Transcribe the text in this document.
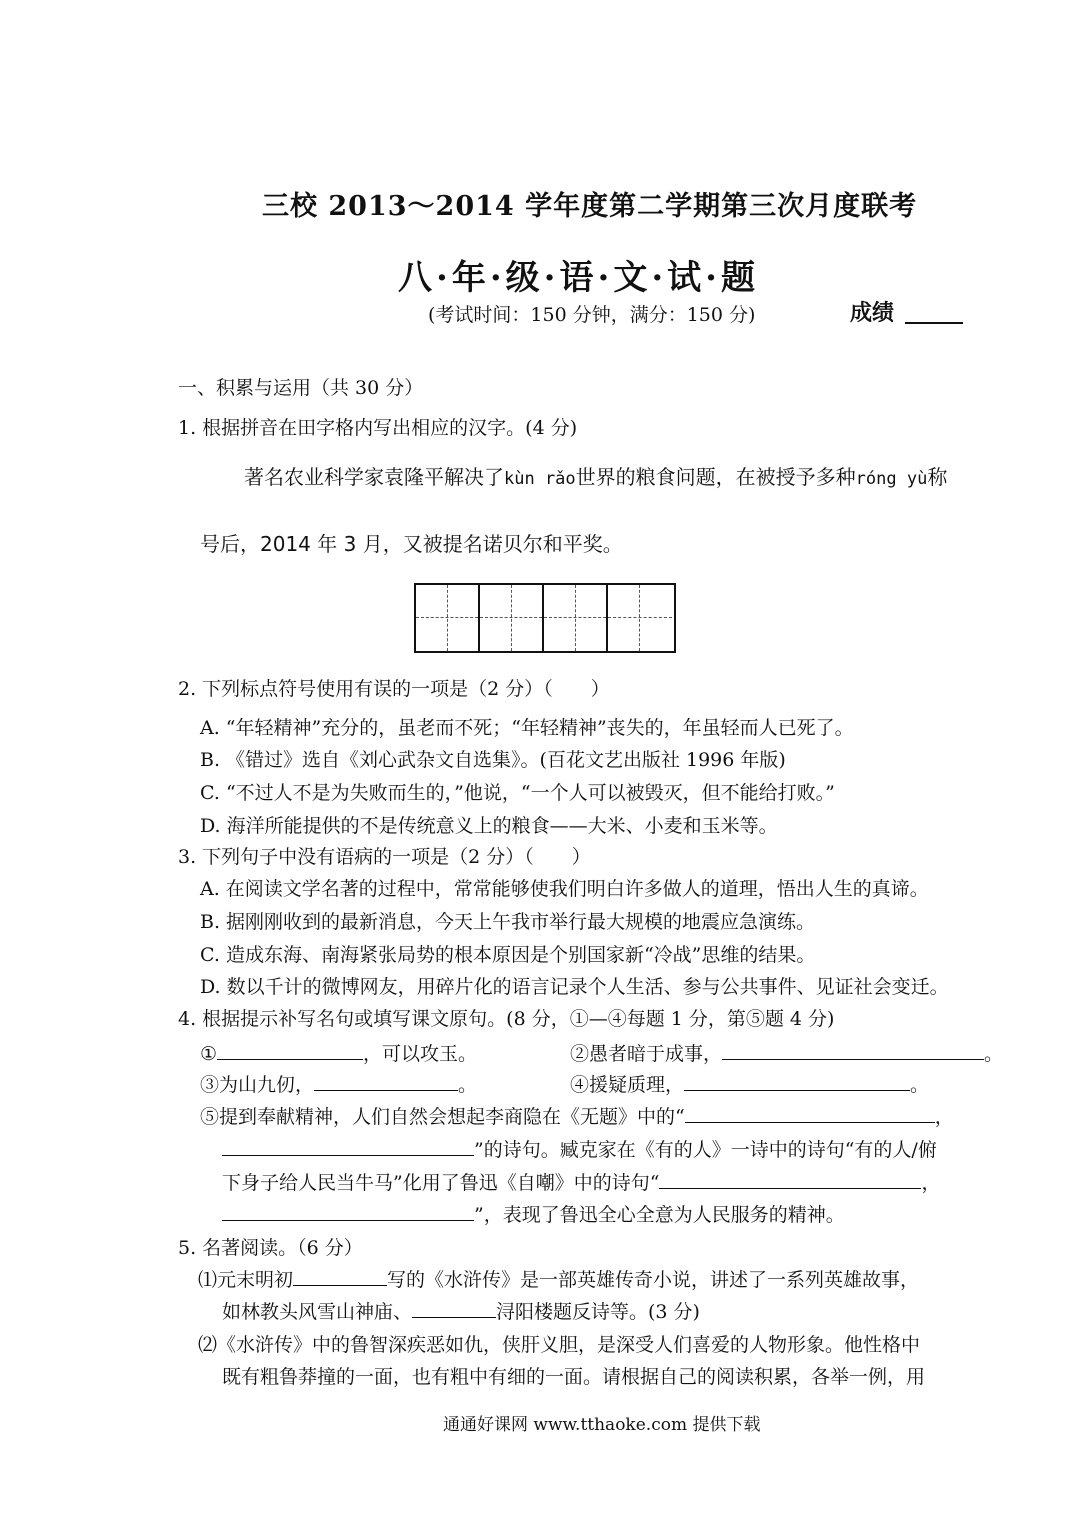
三校 2013～2014 学年度第二学期第三次月度联考
八·年·级·语·文·试·题
(考试时间：150 分钟，满分：150 分)	成绩
一、积累与运用（共 30 分）
1. 根据拼音在田字格内写出相应的汉字。(4 分)
著名农业科学家袁隆平解决了kùn rǎo世界的粮食问题，在被授予多种róng yù称
号后，2014 年 3 月，又被提名诺贝尔和平奖。
2. 下列标点符号使用有误的一项是（2 分）（　　）
A. “年轻精神”充分的，虽老而不死；“年轻精神”丧失的，年虽轻而人已死了。
B. 《错过》选自《刘心武杂文自选集》。(百花文艺出版社 1996 年版)
C. “不过人不是为失败而生的，”他说，“一个人可以被毁灭，但不能给打败。”
D. 海洋所能提供的不是传统意义上的粮食——大米、小麦和玉米等。
3. 下列句子中没有语病的一项是（2 分）（　　）
A. 在阅读文学名著的过程中，常常能够使我们明白许多做人的道理，悟出人生的真谛。
B. 据刚刚收到的最新消息，今天上午我市举行最大规模的地震应急演练。
C. 造成东海、南海紧张局势的根本原因是个别国家新“冷战”思维的结果。
D. 数以千计的微博网友，用碎片化的语言记录个人生活、参与公共事件、见证社会变迁。
4. 根据提示补写名句或填写课文原句。(8 分，①—④每题 1 分，第⑤题 4 分)
①	，可以攻玉。	②愚者暗于成事，	。
③为山九仞，	。	④援疑质理，	。
⑤提到奉献精神，人们自然会想起李商隐在《无题》中的“	，
”的诗句。臧克家在《有的人》一诗中的诗句“有的人/俯
下身子给人民当牛马”化用了鲁迅《自嘲》中的诗句“	，
”，表现了鲁迅全心全意为人民服务的精神。
5. 名著阅读。（6 分）
⑴元末明初	写的《水浒传》是一部英雄传奇小说，讲述了一系列英雄故事，
如林教头风雪山神庙、	浔阳楼题反诗等。(3 分)
⑵《水浒传》中的鲁智深疾恶如仇，侠肝义胆，是深受人们喜爱的人物形象。他性格中
既有粗鲁莽撞的一面，也有粗中有细的一面。请根据自己的阅读积累，各举一例，用
通通好课网 www.tthaoke.com 提供下载
